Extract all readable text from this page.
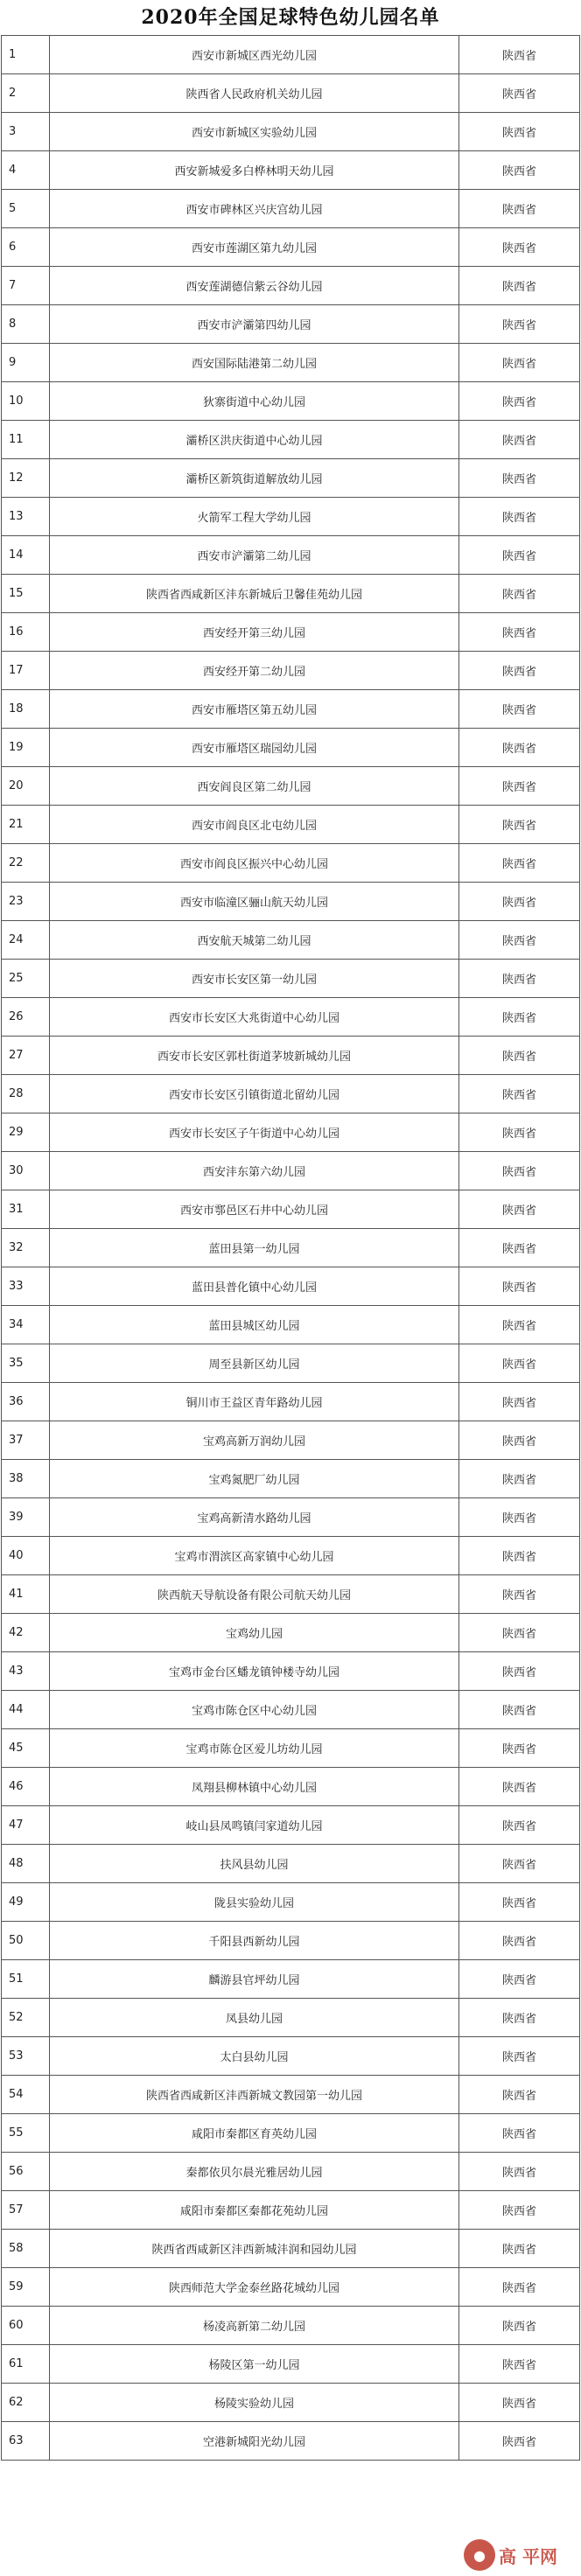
2020年全国足球特色幼儿园名单
1	西安市新城区西光幼儿园	陕西省
2	陕西省人民政府机关幼儿园	陕西省
3	西安市新城区实验幼儿园	陕西省
4	西安新城爱多白桦林明天幼儿园	陕西省
5	西安市碑林区兴庆宫幼儿园	陕西省
6	西安市莲湖区第九幼儿园	陕西省
7	西安莲湖德信紫云谷幼儿园	陕西省
8	西安市浐灞第四幼儿园	陕西省
9	西安国际陆港第二幼儿园	陕西省
10	狄寨街道中心幼儿园	陕西省
11	灞桥区洪庆街道中心幼儿园	陕西省
12	灞桥区新筑街道解放幼儿园	陕西省
13	火箭军工程大学幼儿园	陕西省
14	西安市浐灞第二幼儿园	陕西省
15	陕西省西咸新区沣东新城后卫馨佳苑幼儿园	陕西省
16	西安经开第三幼儿园	陕西省
17	西安经开第二幼儿园	陕西省
18	西安市雁塔区第五幼儿园	陕西省
19	西安市雁塔区瑞园幼儿园	陕西省
20	西安阎良区第二幼儿园	陕西省
21	西安市阎良区北屯幼儿园	陕西省
22	西安市阎良区振兴中心幼儿园	陕西省
23	西安市临潼区骊山航天幼儿园	陕西省
24	西安航天城第二幼儿园	陕西省
25	西安市长安区第一幼儿园	陕西省
26	西安市长安区大兆街道中心幼儿园	陕西省
27	西安市长安区郭杜街道茅坡新城幼儿园	陕西省
28	西安市长安区引镇街道北留幼儿园	陕西省
29	西安市长安区子午街道中心幼儿园	陕西省
30	西安沣东第六幼儿园	陕西省
31	西安市鄠邑区石井中心幼儿园	陕西省
32	蓝田县第一幼儿园	陕西省
33	蓝田县普化镇中心幼儿园	陕西省
34	蓝田县城区幼儿园	陕西省
35	周至县新区幼儿园	陕西省
36	铜川市王益区青年路幼儿园	陕西省
37	宝鸡高新万润幼儿园	陕西省
38	宝鸡氮肥厂幼儿园	陕西省
39	宝鸡高新清水路幼儿园	陕西省
40	宝鸡市渭滨区高家镇中心幼儿园	陕西省
41	陕西航天导航设备有限公司航天幼儿园	陕西省
42	宝鸡幼儿园	陕西省
43	宝鸡市金台区蟠龙镇钟楼寺幼儿园	陕西省
44	宝鸡市陈仓区中心幼儿园	陕西省
45	宝鸡市陈仓区爱儿坊幼儿园	陕西省
46	凤翔县柳林镇中心幼儿园	陕西省
47	岐山县凤鸣镇闫家道幼儿园	陕西省
48	扶风县幼儿园	陕西省
49	陇县实验幼儿园	陕西省
50	千阳县西新幼儿园	陕西省
51	麟游县官坪幼儿园	陕西省
52	凤县幼儿园	陕西省
53	太白县幼儿园	陕西省
54	陕西省西咸新区沣西新城文教园第一幼儿园	陕西省
55	咸阳市秦都区育英幼儿园	陕西省
56	秦都依贝尔晨光雅居幼儿园	陕西省
57	咸阳市秦都区秦都花苑幼儿园	陕西省
58	陕西省西咸新区沣西新城沣润和园幼儿园	陕西省
59	陕西师范大学金泰丝路花城幼儿园	陕西省
60	杨凌高新第二幼儿园	陕西省
61	杨陵区第一幼儿园	陕西省
62	杨陵实验幼儿园	陕西省
63	空港新城阳光幼儿园	陕西省
● 高 平网
